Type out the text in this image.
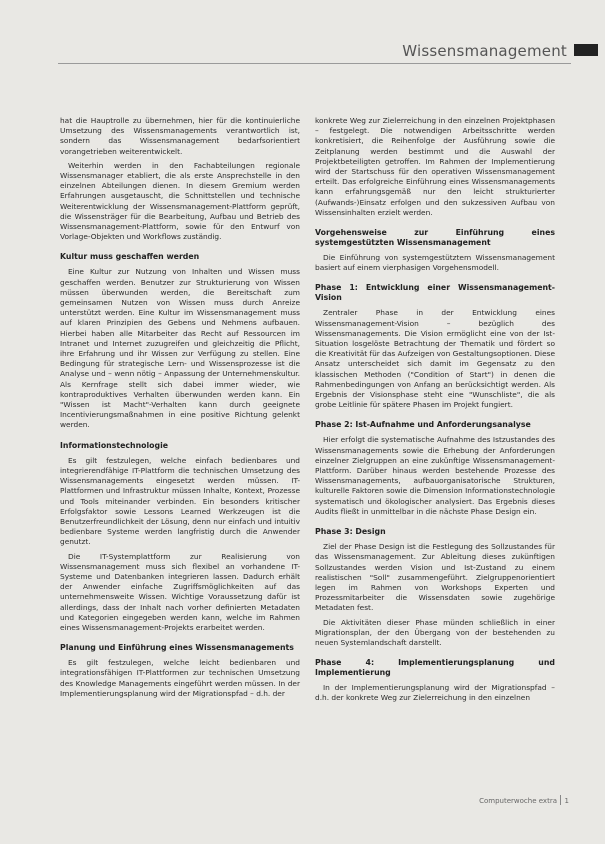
Wissensmanagement

hat die Hauptrolle zu übernehmen, hier für die kontinuierliche Umsetzung des Wissensmanagements verantwortlich ist, sondern das Wissensmanagement bedarfsorientiert vorangetrieben weiterentwickelt.

Weiterhin werden in den Fachabteilungen regionale Wissensmanager etabliert, die als erste Ansprechstelle in den einzelnen Abteilungen dienen. In diesem Gremium werden Erfahrungen ausgetauscht, die Schnittstellen und technische Weiterentwicklung der Wissensmanagement-Plattform geprüft, die Wissensträger für die Bearbeitung, Aufbau und Betrieb des Wissensmanagement-Plattform, sowie für den Entwurf von Vorlage-Objekten und Workflows zuständig.

Kultur muss geschaffen werden

Eine Kultur zur Nutzung von Inhalten und Wissen muss geschaffen werden. Benutzer zur Strukturierung von Wissen müssen überwunden werden, die Bereitschaft zum gemeinsamen Nutzen von Wissen muss durch Anreize unterstützt werden. Eine Kultur im Wissensmanagement muss auf klaren Prinzipien des Gebens und Nehmens aufbauen. Hierbei haben alle Mitarbeiter das Recht auf Ressourcen im Intranet und Internet zuzugreifen und gleichzeitig die Pflicht, ihre Erfahrung und ihr Wissen zur Verfügung zu stellen. Eine Bedingung für strategische Lern- und Wissensprozesse ist die Analyse und – wenn nötig – Anpassung der Unternehmenskultur. Als Kernfrage stellt sich dabei immer wieder, wie kontraproduktives Verhalten überwunden werden kann. Ein "Wissen ist Macht"-Verhalten kann durch geeignete Incentivierungsmaßnahmen in eine positive Richtung gelenkt werden.

Informationstechnologie

Es gilt festzulegen, welche einfach bedienbares und integrierendfähige IT-Plattform die technischen Umsetzung des Wissensmanagements eingesetzt werden müssen. IT-Plattformen und Infrastruktur müssen Inhalte, Kontext, Prozesse und Tools miteinander verbinden. Ein besonders kritischer Erfolgsfaktor sowie Lessons Learned Werkzeugen ist die Benutzerfreundlichkeit der Lösung, denn nur einfach und intuitiv bedienbare Systeme werden langfristig durch die Anwender genutzt.

Die IT-Systemplattform zur Realisierung von Wissensmanagement muss sich flexibel an vorhandene IT-Systeme und Datenbanken integrieren lassen. Dadurch erhält der Anwender einfache Zugriffsmöglichkeiten auf das unternehmensweite Wissen. Wichtige Voraussetzung dafür ist allerdings, dass der Inhalt nach vorher definierten Metadaten und Kategorien eingegeben werden kann, welche im Rahmen eines Wissensmanagement-Projekts erarbeitet werden.

Planung und Einführung eines Wissensmanagements

Es gilt festzulegen, welche leicht bedienbaren und integrationsfähigen IT-Plattformen zur technischen Umsetzung des Knowledge Managements eingeführt werden müssen. In der Implementierungsplanung wird der Migrationspfad – d.h. der

konkrete Weg zur Zielerreichung in den einzelnen Projektphasen – festgelegt. Die notwendigen Arbeitsschritte werden konkretisiert, die Reihenfolge der Ausführung sowie die Zeitplanung werden bestimmt und die Auswahl der Projektbeteiligten getroffen. Im Rahmen der Implementierung wird der Startschuss für den operativen Wissensmanagement erteilt. Das erfolgreiche Einführung eines Wissensmanagements kann erfahrungsgemäß nur den leicht strukturierter (Aufwands-)Einsatz erfolgen und den sukzessiven Aufbau von Wissensinhalten erzielt werden.

Vorgehensweise zur Einführung eines systemgestützten Wissensmanagement

Die Einführung von systemgestütztem Wissensmanagement basiert auf einem vierphasigen Vorgehensmodell.

Phase 1: Entwicklung einer Wissensmanagement-Vision

Zentraler Phase in der Entwicklung eines Wissensmanagement-Vision – bezüglich des Wissensmanagements. Die Vision ermöglicht eine von der Ist-Situation losgelöste Betrachtung der Thematik und fördert so die Kreativität für das Aufzeigen von Gestaltungsoptionen. Diese Ansatz unterscheidet sich damit im Gegensatz zu den klassischen Methoden ("Condition of Start") in denen die Rahmenbedingungen von Anfang an berücksichtigt werden. Als Ergebnis der Visionsphase steht eine "Wunschliste", die als grobe Leitlinie für spätere Phasen im Projekt fungiert.

Phase 2: Ist-Aufnahme und Anforderungsanalyse

Hier erfolgt die systematische Aufnahme des Istzustandes des Wissensmanagements sowie die Erhebung der Anforderungen einzelner Zielgruppen an eine zukünftige Wissensmanagement-Plattform. Darüber hinaus werden bestehende Prozesse des Wissensmanagements, aufbauorganisatorische Strukturen, kulturelle Faktoren sowie die Dimension Informationstechnologie systematisch und ökologischer analysiert. Das Ergebnis dieses Audits fließt in unmittelbar in die nächste Phase Design ein.

Phase 3: Design

Ziel der Phase Design ist die Festlegung des Sollzustandes für das Wissensmanagement. Zur Ableitung dieses zukünftigen Sollzustandes werden Vision und Ist-Zustand zu einem realistischen "Soll" zusammengeführt. Zielgruppenorientiert legen im Rahmen von Workshops Experten und Prozessmitarbeiter die Wissensdaten sowie zugehörige Metadaten fest.

Die Aktivitäten dieser Phase münden schließlich in einer Migrationsplan, der den Übergang von der bestehenden zu neuen Systemlandschaft darstellt.

Phase 4: Implementierungsplanung und Implementierung

In der Implementierungsplanung wird der Migrationspfad – d.h. der konkrete Weg zur Zielerreichung in den einzelnen

Computerwoche extra 1
